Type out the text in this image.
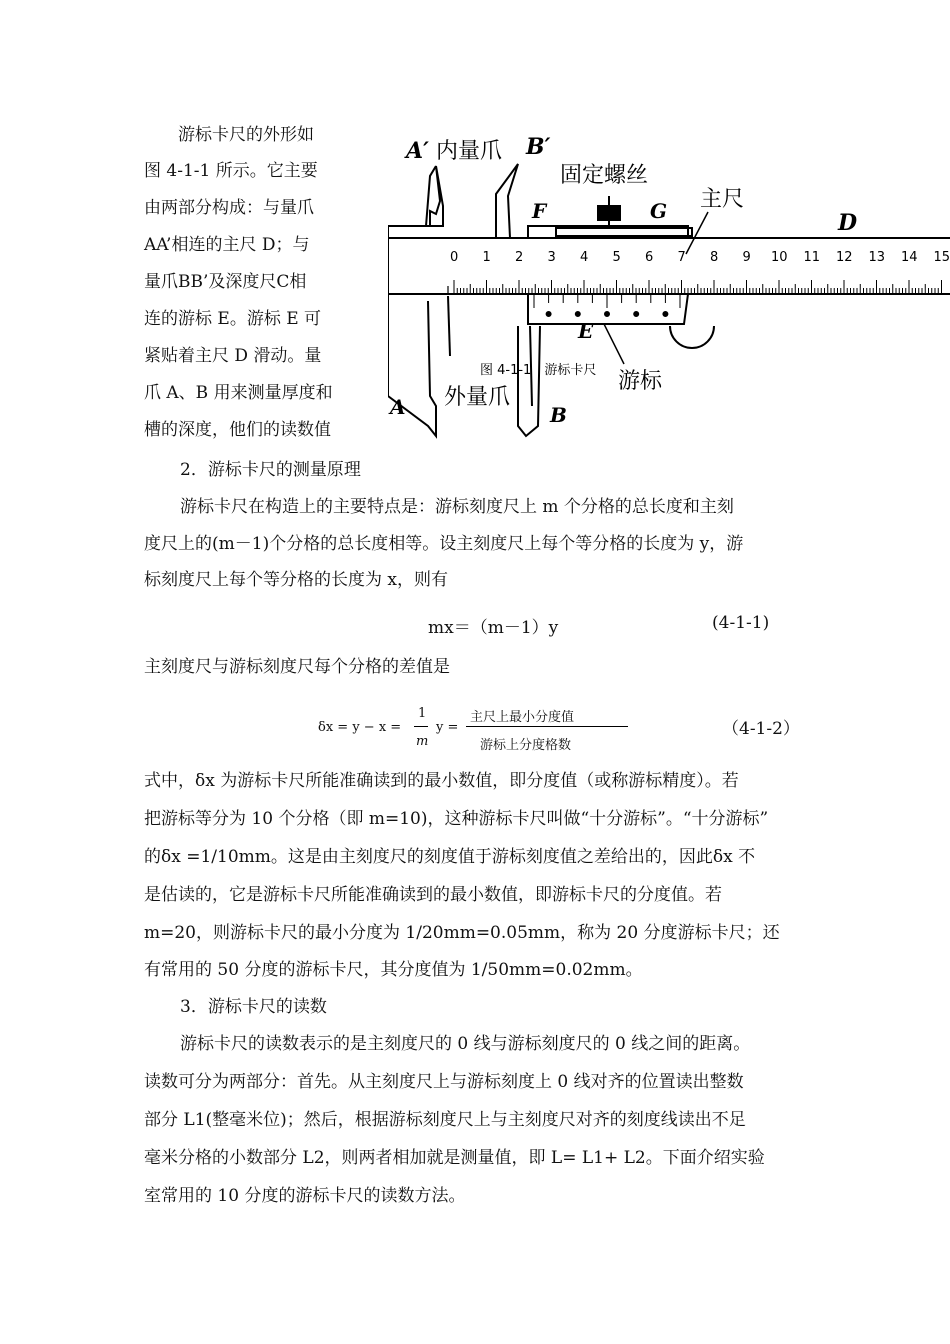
游标卡尺的外形如
图 4-1-1 所示。它主要
由两部分构成：与量爪
AA’相连的主尺 D；与
量爪BB’及深度尺C相
连的游标 E。游标 E 可
紧贴着主尺 D 滑动。量
爪 A、B 用来测量厚度和
槽的深度，他们的读数值
0 1 2 3 4 5 6 7 8 9 10 11 12 13 14 15
A′ 内量爪 B′
固定螺丝
F	G 主尺
D
E
游标
外量爪
A	B
图 4-1-1　游标卡尺
2．游标卡尺的测量原理
游标卡尺在构造上的主要特点是：游标刻度尺上 m 个分格的总长度和主刻
度尺上的(m－1)个分格的总长度相等。设主刻度尺上每个等分格的长度为 y，游
标刻度尺上每个等分格的长度为 x，则有
mx＝（m－1）y	(4-1-1)
主刻度尺与游标刻度尺每个分格的差值是
δx = y − x =
1
m
y =
主尺上最小分度值
游标上分度格数
（4-1-2）
式中，δx 为游标卡尺所能准确读到的最小数值，即分度值（或称游标精度）。若
把游标等分为 10 个分格（即 m=10)，这种游标卡尺叫做“十分游标”。“十分游标”
的δx =1/10mm。这是由主刻度尺的刻度值于游标刻度值之差给出的，因此δx 不
是估读的，它是游标卡尺所能准确读到的最小数值，即游标卡尺的分度值。若
m=20，则游标卡尺的最小分度为 1/20mm=0.05mm，称为 20 分度游标卡尺；还
有常用的 50 分度的游标卡尺，其分度值为 1/50mm=0.02mm。
3．游标卡尺的读数
游标卡尺的读数表示的是主刻度尺的 0 线与游标刻度尺的 0 线之间的距离。
读数可分为两部分：首先。从主刻度尺上与游标刻度上 0 线对齐的位置读出整数
部分 L1(整毫米位)；然后，根据游标刻度尺上与主刻度尺对齐的刻度线读出不足
毫米分格的小数部分 L2，则两者相加就是测量值，即 L= L1+ L2。下面介绍实验
室常用的 10 分度的游标卡尺的读数方法。
